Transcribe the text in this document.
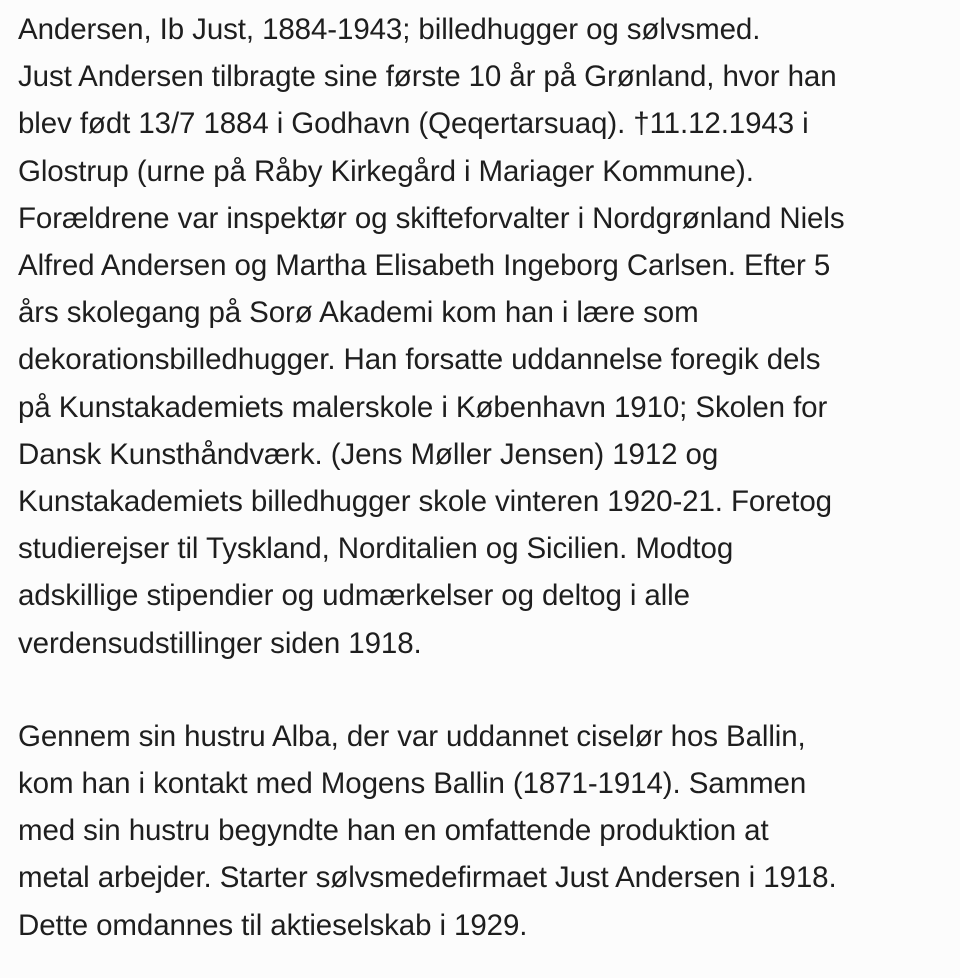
Andersen, Ib Just, 1884-1943; billedhugger og sølvsmed.
Just Andersen tilbragte sine første 10 år på Grønland, hvor han
blev født 13/7 1884 i Godhavn (Qeqertarsuaq). †11.12.1943 i
Glostrup (urne på Råby Kirkegård i Mariager Kommune).
Forældrene var inspektør og skifteforvalter i Nordgrønland Niels
Alfred Andersen og Martha Elisabeth Ingeborg Carlsen. Efter 5
års skolegang på Sorø Akademi kom han i lære som
dekorationsbilledhugger. Han forsatte uddannelse foregik dels
på Kunstakademiets malerskole i København 1910; Skolen for
Dansk Kunsthåndværk. (Jens Møller Jensen) 1912 og
Kunstakademiets billedhugger skole vinteren 1920-21. Foretog
studierejser til Tyskland, Norditalien og Sicilien. Modtog
adskillige stipendier og udmærkelser og deltog i alle
verdensudstillinger siden 1918.
Gennem sin hustru Alba, der var uddannet ciselør hos Ballin,
kom han i kontakt med Mogens Ballin (1871-1914). Sammen
med sin hustru begyndte han en omfattende produktion at
metal arbejder. Starter sølvsmedefirmaet Just Andersen i 1918.
Dette omdannes til aktieselskab i 1929.
